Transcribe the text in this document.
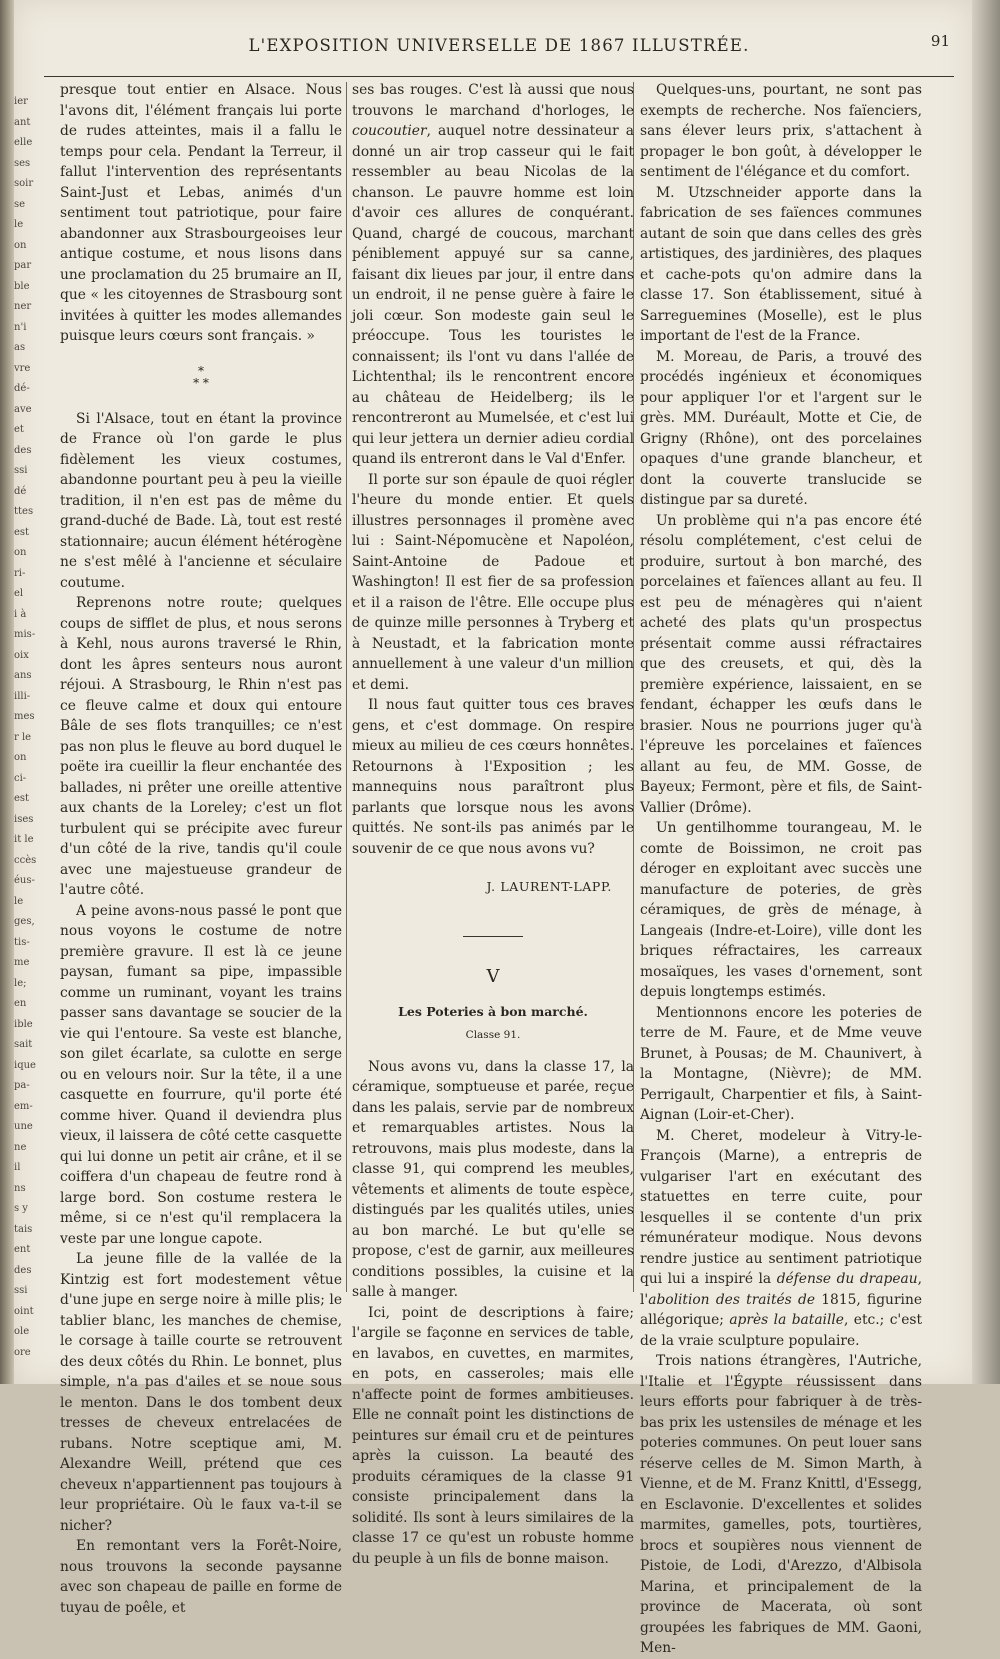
ier
ant
elle
ses
soir
se
le
on
par
ble
ner
n'i
as
vre
dé-
ave
et
des
ssi
dé
ttes
est
on
ri-
el
i à
mis-
oix
ans
illi-
mes
r le
on
ci-
est
ises
it le
ccès
éus-
le
ges,
tis-
me
le;
en
ible
sait
ique
pa-
em-
une
ne
il
ns
s y
tais
ent
des
ssi
oint
ole
ore
L'EXPOSITION UNIVERSELLE DE 1867 ILLUSTRÉE.	91

presque tout entier en Alsace. Nous l'avons dit, l'élément français lui porte de rudes atteintes, mais il a fallu le temps pour cela. Pendant la Terreur, il fallut l'intervention des représentants Saint-Just et Lebas, animés d'un sentiment tout patriotique, pour faire abandonner aux Strasbourgeoises leur antique costume, et nous lisons dans une proclamation du 25 brumaire an II, que « les citoyennes de Strasbourg sont invitées à quitter les modes allemandes puisque leurs cœurs sont français. »

*
* *

Si l'Alsace, tout en étant la province de France où l'on garde le plus fidèlement les vieux costumes, abandonne pourtant peu à peu la vieille tradition, il n'en est pas de même du grand-duché de Bade. Là, tout est resté stationnaire; aucun élément hétérogène ne s'est mêlé à l'ancienne et séculaire coutume.

Reprenons notre route; quelques coups de sifflet de plus, et nous serons à Kehl, nous aurons traversé le Rhin, dont les âpres senteurs nous auront réjoui. A Strasbourg, le Rhin n'est pas ce fleuve calme et doux qui entoure Bâle de ses flots tranquilles; ce n'est pas non plus le fleuve au bord duquel le poëte ira cueillir la fleur enchantée des ballades, ni prêter une oreille attentive aux chants de la Loreley; c'est un flot turbulent qui se précipite avec fureur d'un côté de la rive, tandis qu'il coule avec une majestueuse grandeur de l'autre côté.

A peine avons-nous passé le pont que nous voyons le costume de notre première gravure. Il est là ce jeune paysan, fumant sa pipe, impassible comme un ruminant, voyant les trains passer sans davantage se soucier de la vie qui l'entoure. Sa veste est blanche, son gilet écarlate, sa culotte en serge ou en velours noir. Sur la tête, il a une casquette en fourrure, qu'il porte été comme hiver. Quand il deviendra plus vieux, il laissera de côté cette casquette qui lui donne un petit air crâne, et il se coiffera d'un chapeau de feutre rond à large bord. Son costume restera le même, si ce n'est qu'il remplacera la veste par une longue capote.

La jeune fille de la vallée de la Kintzig est fort modestement vêtue d'une jupe en serge noire à mille plis; le tablier blanc, les manches de chemise, le corsage à taille courte se retrouvent des deux côtés du Rhin. Le bonnet, plus simple, n'a pas d'ailes et se noue sous le menton. Dans le dos tombent deux tresses de cheveux entrelacées de rubans. Notre sceptique ami, M. Alexandre Weill, prétend que ces cheveux n'appartiennent pas toujours à leur propriétaire. Où le faux va-t-il se nicher?

En remontant vers la Forêt-Noire, nous trouvons la seconde paysanne avec son chapeau de paille en forme de tuyau de poêle, et

ses bas rouges. C'est là aussi que nous trouvons le marchand d'horloges, le coucoutier, auquel notre dessinateur a donné un air trop casseur qui le fait ressembler au beau Nicolas de la chanson. Le pauvre homme est loin d'avoir ces allures de conquérant. Quand, chargé de coucous, marchant péniblement appuyé sur sa canne, faisant dix lieues par jour, il entre dans un endroit, il ne pense guère à faire le joli cœur. Son modeste gain seul le préoccupe. Tous les touristes le connaissent; ils l'ont vu dans l'allée de Lichtenthal; ils le rencontrent encore au château de Heidelberg; ils le rencontreront au Mumelsée, et c'est lui qui leur jettera un dernier adieu cordial quand ils entreront dans le Val d'Enfer.

Il porte sur son épaule de quoi régler l'heure du monde entier. Et quels illustres personnages il promène avec lui : Saint-Népomucène et Napoléon, Saint-Antoine de Padoue et Washington! Il est fier de sa profession et il a raison de l'être. Elle occupe plus de quinze mille personnes à Tryberg et à Neustadt, et la fabrication monte annuellement à une valeur d'un million et demi.

Il nous faut quitter tous ces braves gens, et c'est dommage. On respire mieux au milieu de ces cœurs honnêtes. Retournons à l'Exposition ; les mannequins nous paraîtront plus parlants que lorsque nous les avons quittés. Ne sont-ils pas animés par le souvenir de ce que nous avons vu?

J. LAURENT-LAPP.
V
Les Poteries à bon marché.
Classe 91.

Nous avons vu, dans la classe 17, la céramique, somptueuse et parée, reçue dans les palais, servie par de nombreux et remarquables artistes. Nous la retrouvons, mais plus modeste, dans la classe 91, qui comprend les meubles, vêtements et aliments de toute espèce, distingués par les qualités utiles, unies au bon marché. Le but qu'elle se propose, c'est de garnir, aux meilleures conditions possibles, la cuisine et la salle à manger.

Ici, point de descriptions à faire; l'argile se façonne en services de table, en lavabos, en cuvettes, en marmites, en pots, en casseroles; mais elle n'affecte point de formes ambitieuses. Elle ne connaît point les distinctions de peintures sur émail cru et de peintures après la cuisson. La beauté des produits céramiques de la classe 91 consiste principalement dans la solidité. Ils sont à leurs similaires de la classe 17 ce qu'est un robuste homme du peuple à un fils de bonne maison.

Quelques-uns, pourtant, ne sont pas exempts de recherche. Nos faïenciers, sans élever leurs prix, s'attachent à propager le bon goût, à développer le sentiment de l'élégance et du comfort.

M. Utzschneider apporte dans la fabrication de ses faïences communes autant de soin que dans celles des grès artistiques, des jardinières, des plaques et cache-pots qu'on admire dans la classe 17. Son établissement, situé à Sarreguemines (Moselle), est le plus important de l'est de la France.

M. Moreau, de Paris, a trouvé des procédés ingénieux et économiques pour appliquer l'or et l'argent sur le grès. MM. Duréault, Motte et Cie, de Grigny (Rhône), ont des porcelaines opaques d'une grande blancheur, et dont la couverte translucide se distingue par sa dureté.

Un problème qui n'a pas encore été résolu complétement, c'est celui de produire, surtout à bon marché, des porcelaines et faïences allant au feu. Il est peu de ménagères qui n'aient acheté des plats qu'un prospectus présentait comme aussi réfractaires que des creusets, et qui, dès la première expérience, laissaient, en se fendant, échapper les œufs dans le brasier. Nous ne pourrions juger qu'à l'épreuve les porcelaines et faïences allant au feu, de MM. Gosse, de Bayeux; Fermont, père et fils, de Saint-Vallier (Drôme).

Un gentilhomme tourangeau, M. le comte de Boissimon, ne croit pas déroger en exploitant avec succès une manufacture de poteries, de grès céramiques, de grès de ménage, à Langeais (Indre-et-Loire), ville dont les briques réfractaires, les carreaux mosaïques, les vases d'ornement, sont depuis longtemps estimés.

Mentionnons encore les poteries de terre de M. Faure, et de Mme veuve Brunet, à Pousas; de M. Chaunivert, à la Montagne, (Nièvre); de MM. Perrigault, Charpentier et fils, à Saint-Aignan (Loir-et-Cher).

M. Cheret, modeleur à Vitry-le-François (Marne), a entrepris de vulgariser l'art en exécutant des statuettes en terre cuite, pour lesquelles il se contente d'un prix rémunérateur modique. Nous devons rendre justice au sentiment patriotique qui lui a inspiré la défense du drapeau, l'abolition des traités de 1815, figurine allégorique; après la bataille, etc.; c'est de la vraie sculpture populaire.

Trois nations étrangères, l'Autriche, l'Italie et l'Égypte réussissent dans leurs efforts pour fabriquer à de très-bas prix les ustensiles de ménage et les poteries communes. On peut louer sans réserve celles de M. Simon Marth, à Vienne, et de M. Franz Knittl, d'Essegg, en Esclavonie. D'excellentes et solides marmites, gamelles, pots, tourtières, brocs et soupières nous viennent de Pistoie, de Lodi, d'Arezzo, d'Albisola Marina, et principalement de la province de Macerata, où sont groupées les fabriques de MM. Gaoni, Men-
